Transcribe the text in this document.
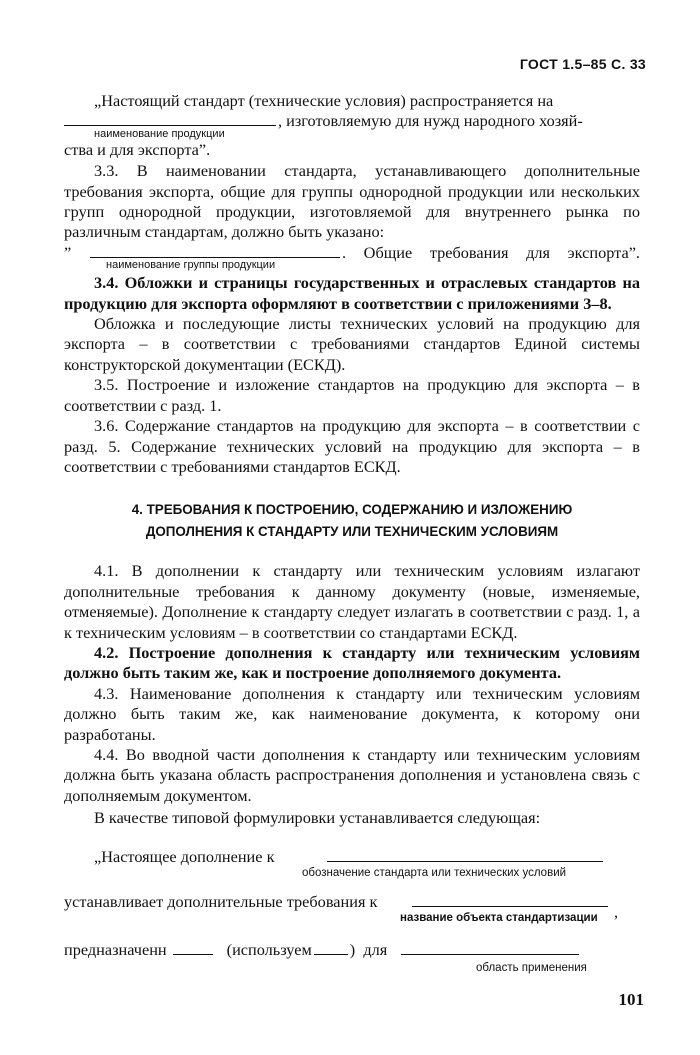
ГОСТ 1.5–85 С. 33
„Настоящий стандарт (технические условия) распространяется на
, изготовляемую для нужд народного хозяй-
наименование продукции
ства и для экспорта”.
3.3. В наименовании стандарта, устанавливающего дополнительные требования экспорта, общие для группы однородной продукции или нескольких групп однородной продукции, изготовляемой для внутреннего рынка по различным стандартам, должно быть указано:
”	. Общие требования для экспорта”.
наименование группы продукции
3.4. Обложки и страницы государственных и отраслевых стандартов на продукцию для экспорта оформляют в соответствии с приложениями 3–8.
Обложка и последующие листы технических условий на продукцию для экспорта – в соответствии с требованиями стандартов Единой системы конструкторской документации (ЕСКД).
3.5. Построение и изложение стандартов на продукцию для экспорта – в соответствии с разд. 1.
3.6. Содержание стандартов на продукцию для экспорта – в соответствии с разд. 5. Содержание технических условий на продукцию для экспорта – в соответствии с требованиями стандартов ЕСКД.
4. ТРЕБОВАНИЯ К ПОСТРОЕНИЮ, СОДЕРЖАНИЮ И ИЗЛОЖЕНИЮ
ДОПОЛНЕНИЯ К СТАНДАРТУ ИЛИ ТЕХНИЧЕСКИМ УСЛОВИЯМ
4.1. В дополнении к стандарту или техническим условиям излагают дополнительные требования к данному документу (новые, изменяемые, отменяемые). Дополнение к стандарту следует излагать в соответствии с разд. 1, а к техническим условиям – в соответствии со стандартами ЕСКД.
4.2. Построение дополнения к стандарту или техническим условиям должно быть таким же, как и построение дополняемого документа.
4.3. Наименование дополнения к стандарту или техническим условиям должно быть таким же, как наименование документа, к которому они разработаны.
4.4. Во вводной части дополнения к стандарту или техническим условиям должна быть указана область распространения дополнения и установлена связь с дополняемым документом.
В качестве типовой формулировки устанавливается следующая:
„Настоящее дополнение к
обозначение стандарта или технических условий
устанавливает дополнительные требования к
,
название объекта стандартизации
предназначенн	(используем )  для
область применения
101
